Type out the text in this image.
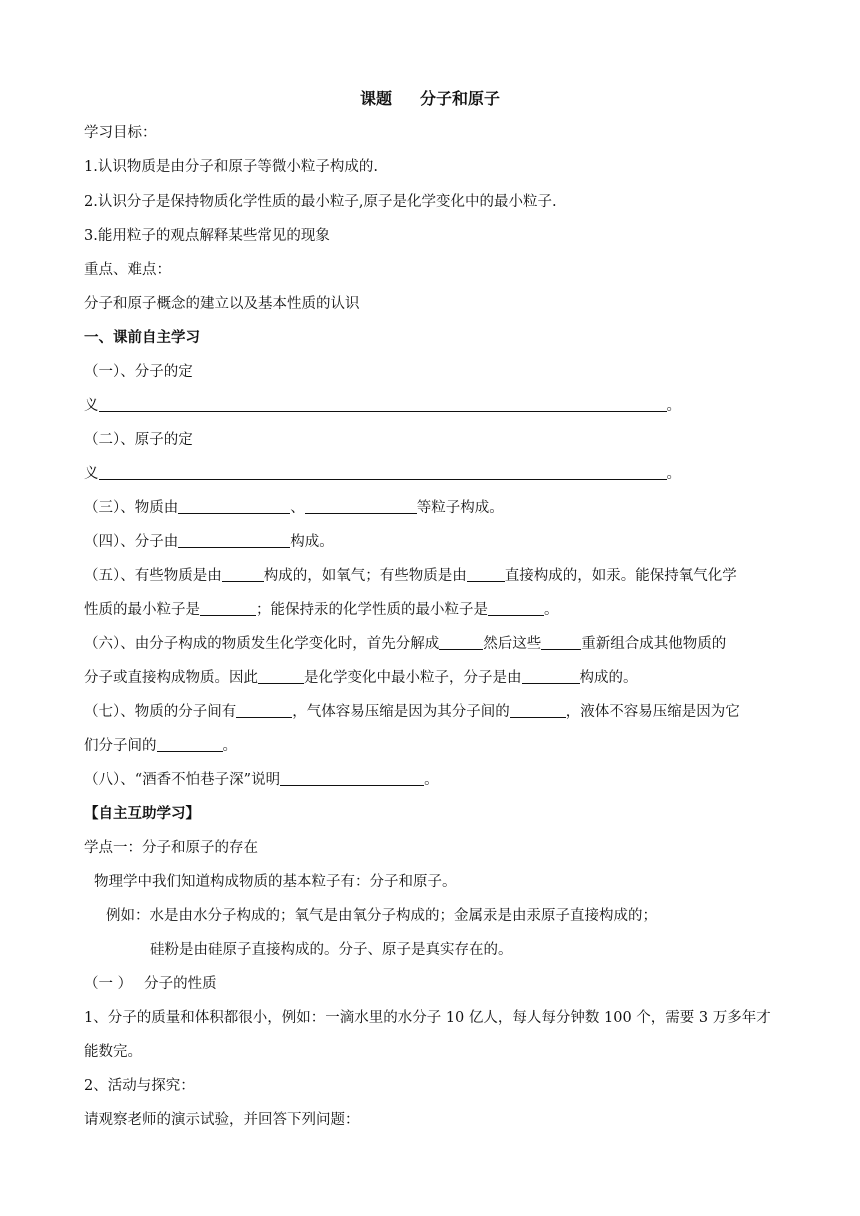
课题 分子和原子
学习目标：
1.认识物质是由分子和原子等微小粒子构成的.
2.认识分子是保持物质化学性质的最小粒子,原子是化学变化中的最小粒子.
3.能用粒子的观点解释某些常见的现象
重点、难点：
分子和原子概念的建立以及基本性质的认识
一、课前自主学习
（一）、分子的定
义	。
（二）、原子的定
义	。
（三）、物质由	、	等粒子构成。
（四）、分子由	构成。
（五）、有些物质是由	构成的，如氧气；有些物质是由	直接构成的，如汞。能保持氧气化学
性质的最小粒子是	；能保持汞的化学性质的最小粒子是	。
（六）、由分子构成的物质发生化学变化时，首先分解成	然后这些	重新组合成其他物质的
分子或直接构成物质。因此	是化学变化中最小粒子，分子是由	构成的。
（七）、物质的分子间有	，气体容易压缩是因为其分子间的	，液体不容易压缩是因为它
们分子间的	。
（八）、“酒香不怕巷子深”说明	。
【自主互助学习】
学点一：分子和原子的存在
物理学中我们知道构成物质的基本粒子有：分子和原子。
例如：水是由水分子构成的；氧气是由氧分子构成的；金属汞是由汞原子直接构成的；
硅粉是由硅原子直接构成的。分子、原子是真实存在的。
（一 ） 分子的性质
1、分子的质量和体积都很小，例如：一滴水里的水分子 10 亿人，每人每分钟数 100 个，需要 3 万多年才
能数完。
2、活动与探究：
请观察老师的演示试验，并回答下列问题：
